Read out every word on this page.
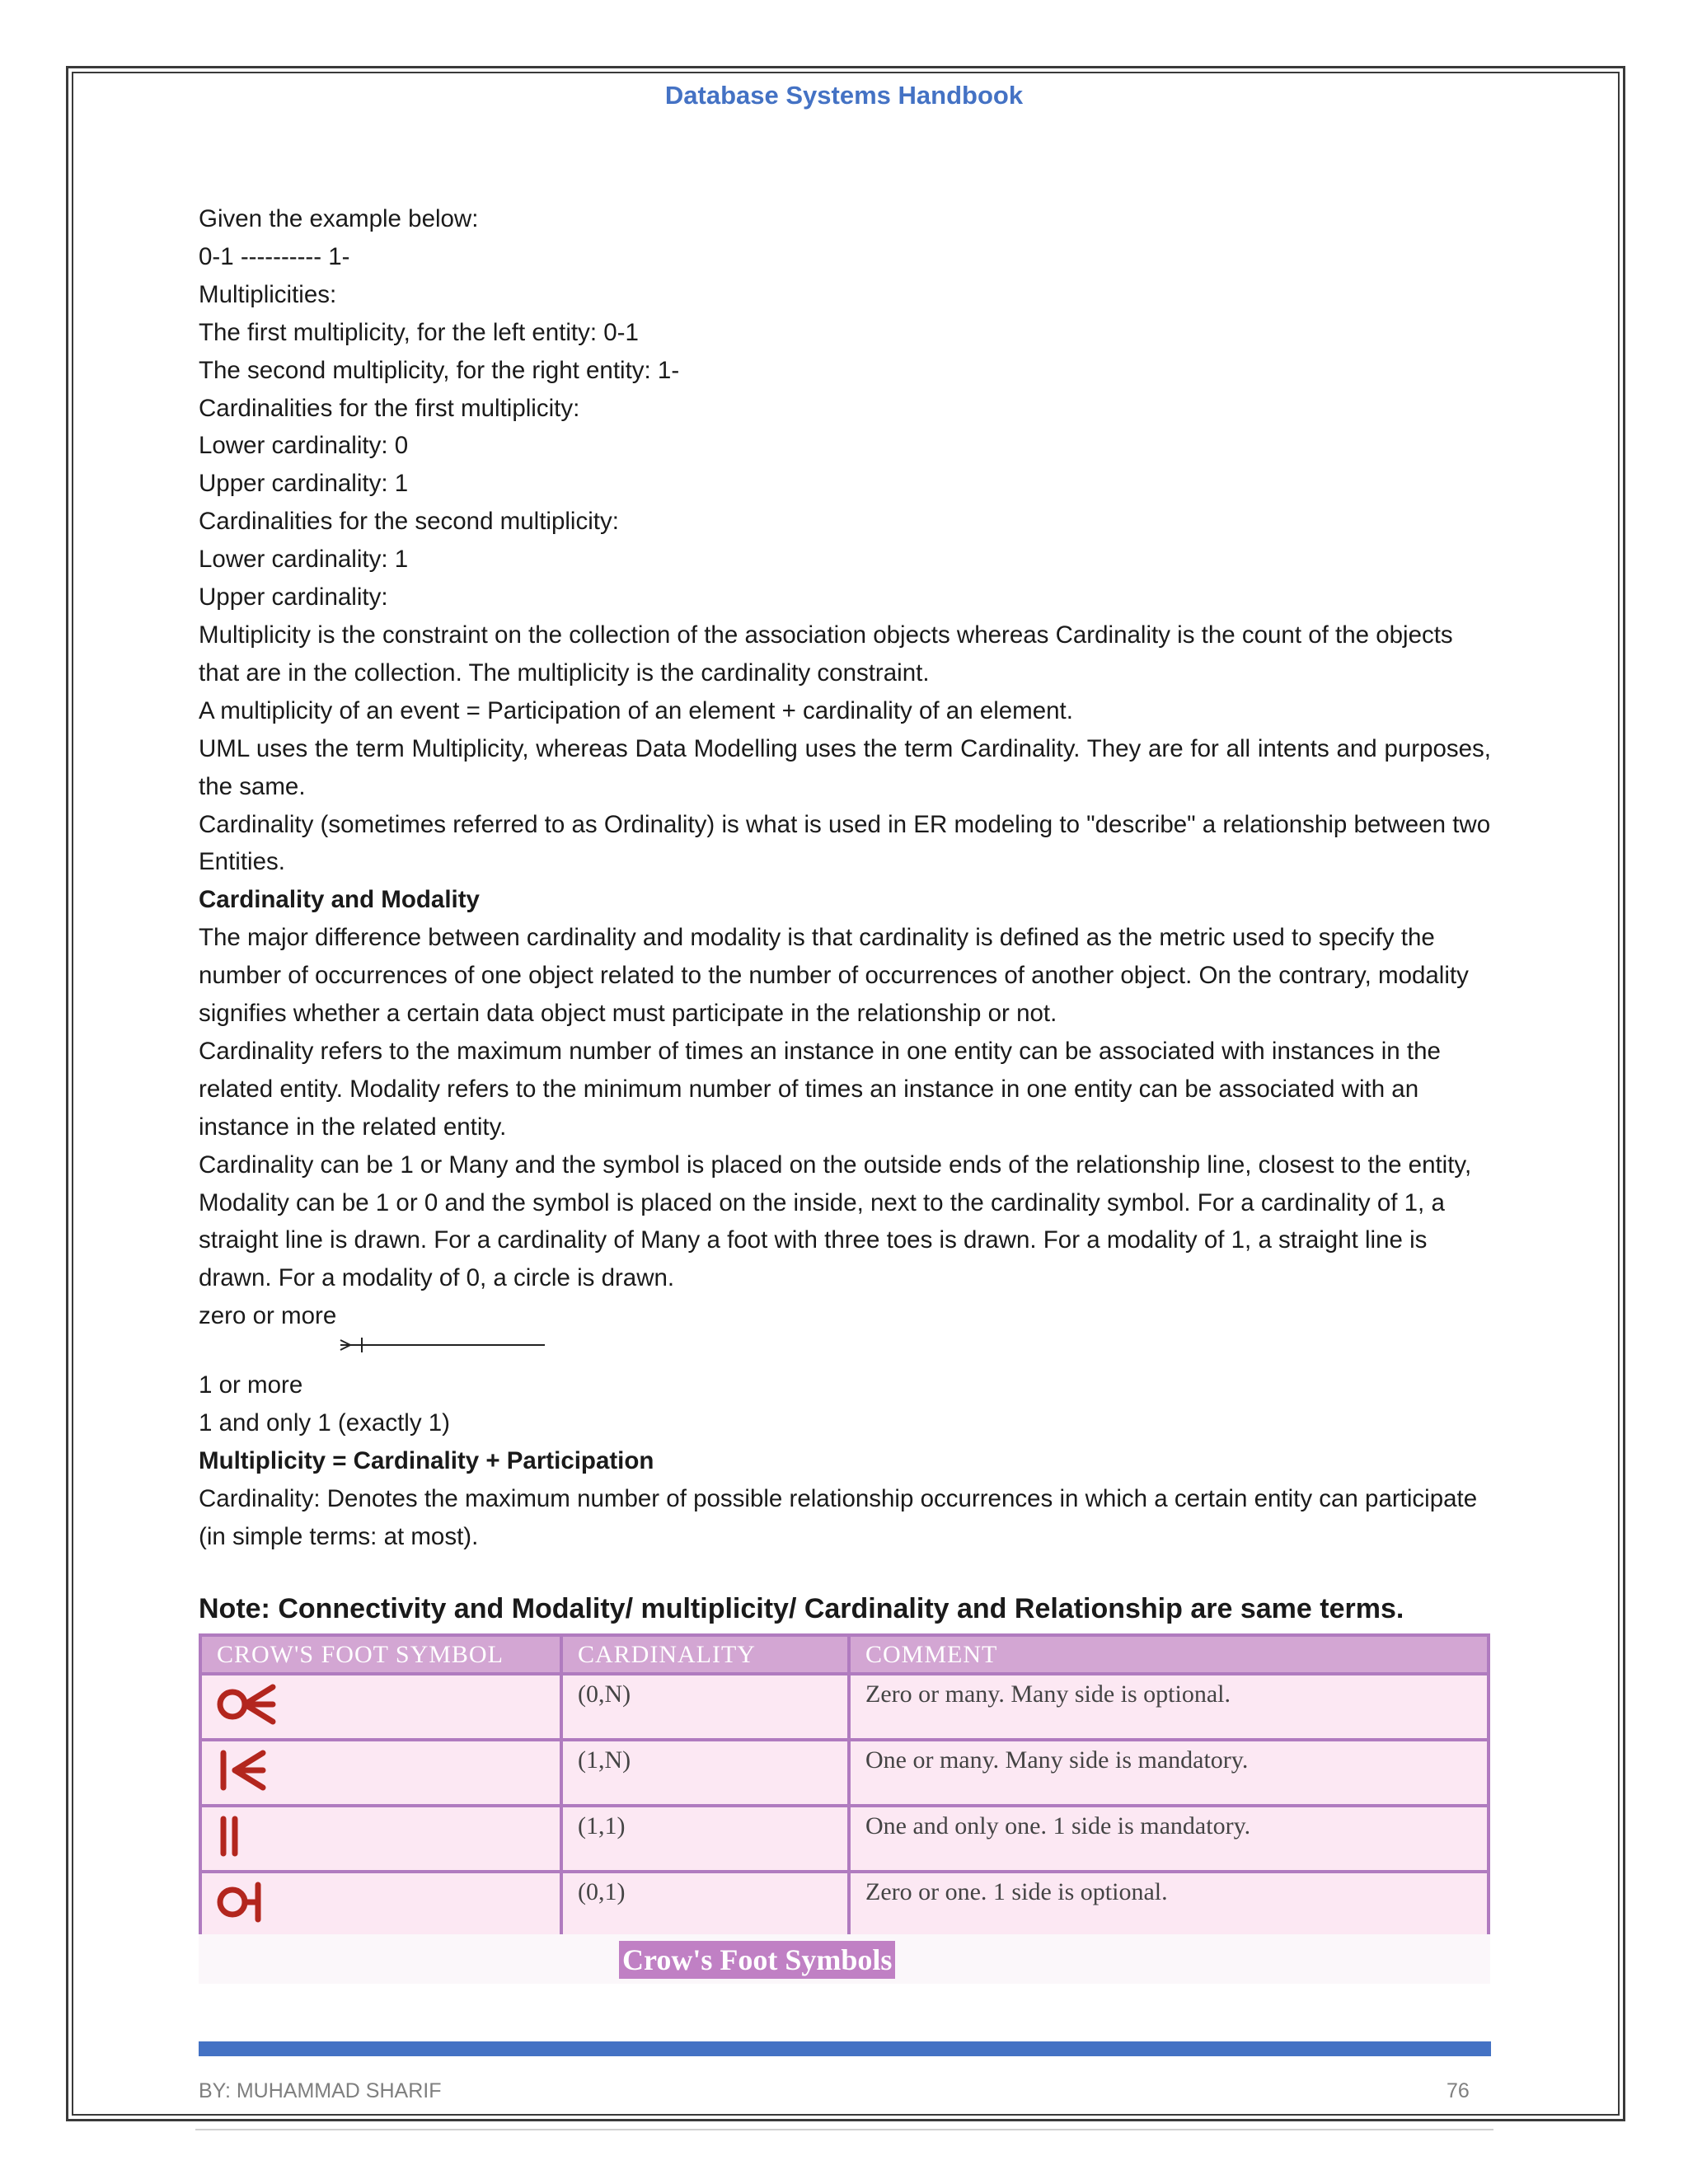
Database Systems Handbook

Given the example below:

0-1 ---------- 1-

Multiplicities:

The first multiplicity, for the left entity: 0-1

The second multiplicity, for the right entity: 1-

Cardinalities for the first multiplicity:

Lower cardinality: 0

Upper cardinality: 1

Cardinalities for the second multiplicity:

Lower cardinality: 1

Upper cardinality:

Multiplicity is the constraint on the collection of the association objects whereas Cardinality is the count of the objects that are in the collection. The multiplicity is the cardinality constraint.

A multiplicity of an event = Participation of an element + cardinality of an element.

UML uses the term Multiplicity, whereas Data Modelling uses the term Cardinality. They are for all intents and purposes, the same.

Cardinality (sometimes referred to as Ordinality) is what is used in ER modeling to "describe" a relationship between two Entities.

Cardinality and Modality

The major difference between cardinality and modality is that cardinality is defined as the metric used to specify the number of occurrences of one object related to the number of occurrences of another object. On the contrary, modality signifies whether a certain data object must participate in the relationship or not.

Cardinality refers to the maximum number of times an instance in one entity can be associated with instances in the related entity. Modality refers to the minimum number of times an instance in one entity can be associated with an instance in the related entity.

Cardinality can be 1 or Many and the symbol is placed on the outside ends of the relationship line, closest to the entity, Modality can be 1 or 0 and the symbol is placed on the inside, next to the cardinality symbol. For a cardinality of 1, a straight line is drawn. For a cardinality of Many a foot with three toes is drawn. For a modality of 1, a straight line is drawn. For a modality of 0, a circle is drawn.

zero or more

1 or more

1 and only 1 (exactly 1)

Multiplicity = Cardinality + Participation

Cardinality: Denotes the maximum number of possible relationship occurrences in which a certain entity can participate (in simple terms: at most).

Note: Connectivity and Modality/ multiplicity/ Cardinality and Relationship are same terms.
CROW'S FOOT SYMBOL	CARDINALITY	COMMENT

	(0,N)	Zero or many. Many side is optional.

	(1,N)	One or many. Many side is mandatory.

	(1,1)	One and only one. 1 side is mandatory.

	(0,1)	Zero or one. 1 side is optional.
Crow's Foot Symbols
BY: MUHAMMAD SHARIF	76
